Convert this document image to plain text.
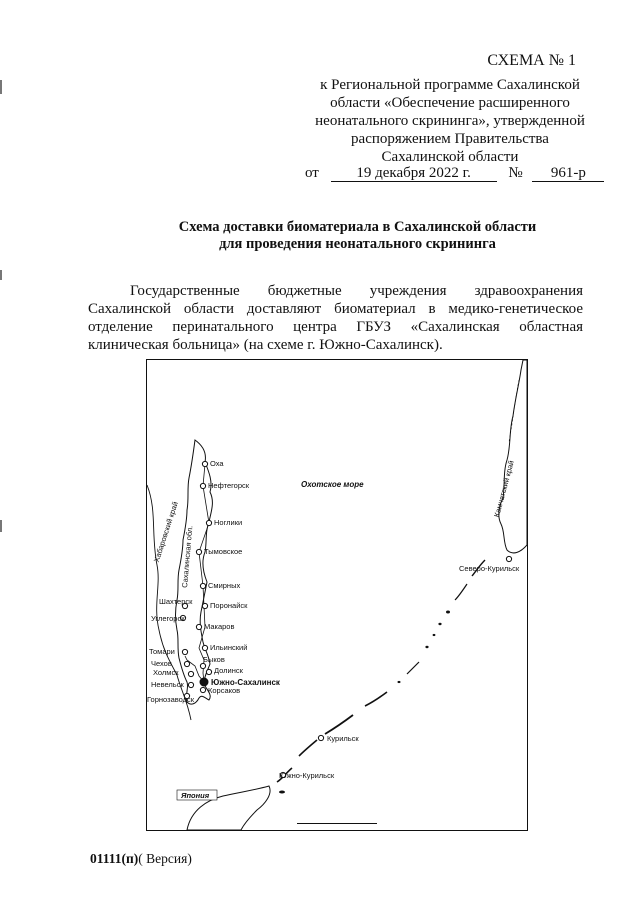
СХЕМА № 1
к Региональной программе Сахалинской
области «Обеспечение расширенного
неонатального скрининга», утвержденной
распоряжением Правительства
Сахалинской области
от	19 декабря 2022 г.	№ 961-р
Схема доставки биоматериала в Сахалинской области
для проведения неонатального скрининга
Государственные бюджетные учреждения здравоохранения Сахалинской области доставляют биоматериал в медико-генетическое отделение перинатального центра ГБУЗ «Сахалинская областная клиническая больница» (на схеме г. Южно-Сахалинск).
Камчатский край
Хабаровский край Сахалинская обл.
Охотское море
Япония
Оха
Нефтегорск
Ноглики
Тымовское
Смирных
Шахтерск Поронайск
Углегорск
Макаров
Ильинский
Томари
Чехов	Быков
Долинск
Холмск
Южно-Сахалинск
Невельск
Корсаков
Горнозаводск
Северо-Курильск
Курильск
Южно-Курильск
01111(п)( Версия)
